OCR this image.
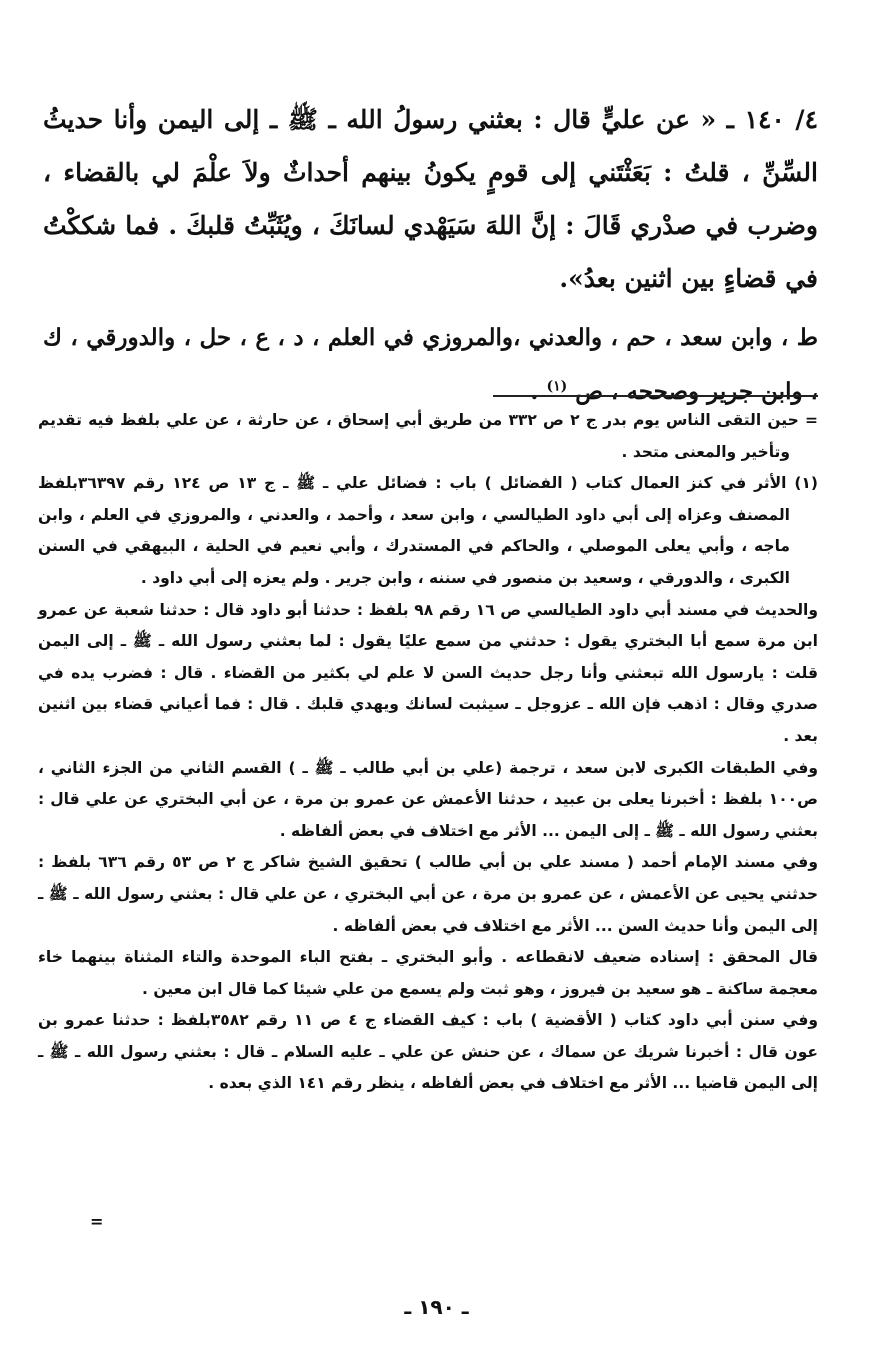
٤/ ١٤٠ ـ « عن عليٍّ قال : بعثني رسولُ الله ـ ﷺ ـ إلى اليمن وأنا حديثُ السِّنِّ ، قلتُ : بَعَثْتَني إلى قومٍ يكونُ بينهم أحداثٌ ولاَ علْمَ لي بالقضاء ، وضرب في صدْري قَالَ : إنَّ اللهَ سَيَهْدي لسانَكَ ، ويُثَبِّتُ قلبكَ . فما شككْتُ في قضاءٍ بين اثنين بعدُ».

ط ، وابن سعد ، حم ، والعدني ،والمروزي في العلم ، د ، ع ، حل ، والدورقي ، ك ، وابن جرير وصححه ، ص $^{(١)}$ .

= حين التقى الناس يوم بدر ج ٢ ص ٣٣٢ من طريق أبي إسحاق ، عن حارثة ، عن علي بلفظ فيه تقديم وتأخير والمعنى متحد .

(١) الأثر في كنز العمال كتاب ( الفضائل ) باب : فضائل علي ـ ﷺ ـ ج ١٣ ص ١٢٤ رقم ٣٦٣٩٧بلفظ المصنف وعزاه إلى أبي داود الطيالسي ، وابن سعد ، وأحمد ، والعدني ، والمروزي في العلم ، وابن ماجه ، وأبي يعلى الموصلي ، والحاكم في المستدرك ، وأبي نعيم في الحلية ، البيهقي في السنن الكبرى ، والدورقي ، وسعيد بن منصور في سننه ، وابن جرير . ولم يعزه إلى أبي داود .

والحديث في مسند أبي داود الطيالسي ص ١٦ رقم ٩٨ بلفظ : حدثنا أبو داود قال : حدثنا شعبة عن عمرو ابن مرة سمع أبا البختري يقول : حدثني من سمع عليًا يقول : لما بعثني رسول الله ـ ﷺ ـ إلى اليمن قلت : يارسول الله تبعثني وأنا رجل حديث السن لا علم لي بكثير من القضاء . قال : فضرب يده في صدري وقال : اذهب فإن الله ـ عزوجل ـ سيثبت لسانك ويهدي قلبك . قال : فما أعياني قضاء بين اثنين بعد .

وفي الطبقات الكبرى لابن سعد ، ترجمة (علي بن أبي طالب ـ ﷺ ـ ) القسم الثاني من الجزء الثاني ، ص١٠٠ بلفظ : أخبرنا يعلى بن عبيد ، حدثنا الأعمش عن عمرو بن مرة ، عن أبي البختري عن علي قال : بعثني رسول الله ـ ﷺ ـ إلى اليمن ... الأثر مع اختلاف في بعض ألفاظه .

وفي مسند الإمام أحمد ( مسند علي بن أبي طالب ) تحقيق الشيخ شاكر ج ٢ ص ٥٣ رقم ٦٣٦ بلفظ : حدثني يحيى عن الأعمش ، عن عمرو بن مرة ، عن أبي البختري ، عن علي قال : بعثني رسول الله ـ ﷺ ـ إلى اليمن وأنا حديث السن ... الأثر مع اختلاف في بعض ألفاظه .

قال المحقق : إسناده ضعيف لانقطاعه . وأبو البختري ـ بفتح الباء الموحدة والتاء المثناة بينهما خاء معجمة ساكنة ـ هو سعيد بن فيروز ، وهو ثبت ولم يسمع من علي شيئا كما قال ابن معين .

وفي سنن أبي داود كتاب ( الأقضية ) باب : كيف القضاء ج ٤ ص ١١ رقم ٣٥٨٢بلفظ : حدثنا عمرو بن عون قال : أخبرنا شريك عن سماك ، عن حنش عن علي ـ عليه السلام ـ قال : بعثني رسول الله ـ ﷺ ـ إلى اليمن قاضيا ... الأثر مع اختلاف في بعض ألفاظه ، ينظر رقم ١٤١ الذي بعده .

=
ـ ١٩٠ ـ
